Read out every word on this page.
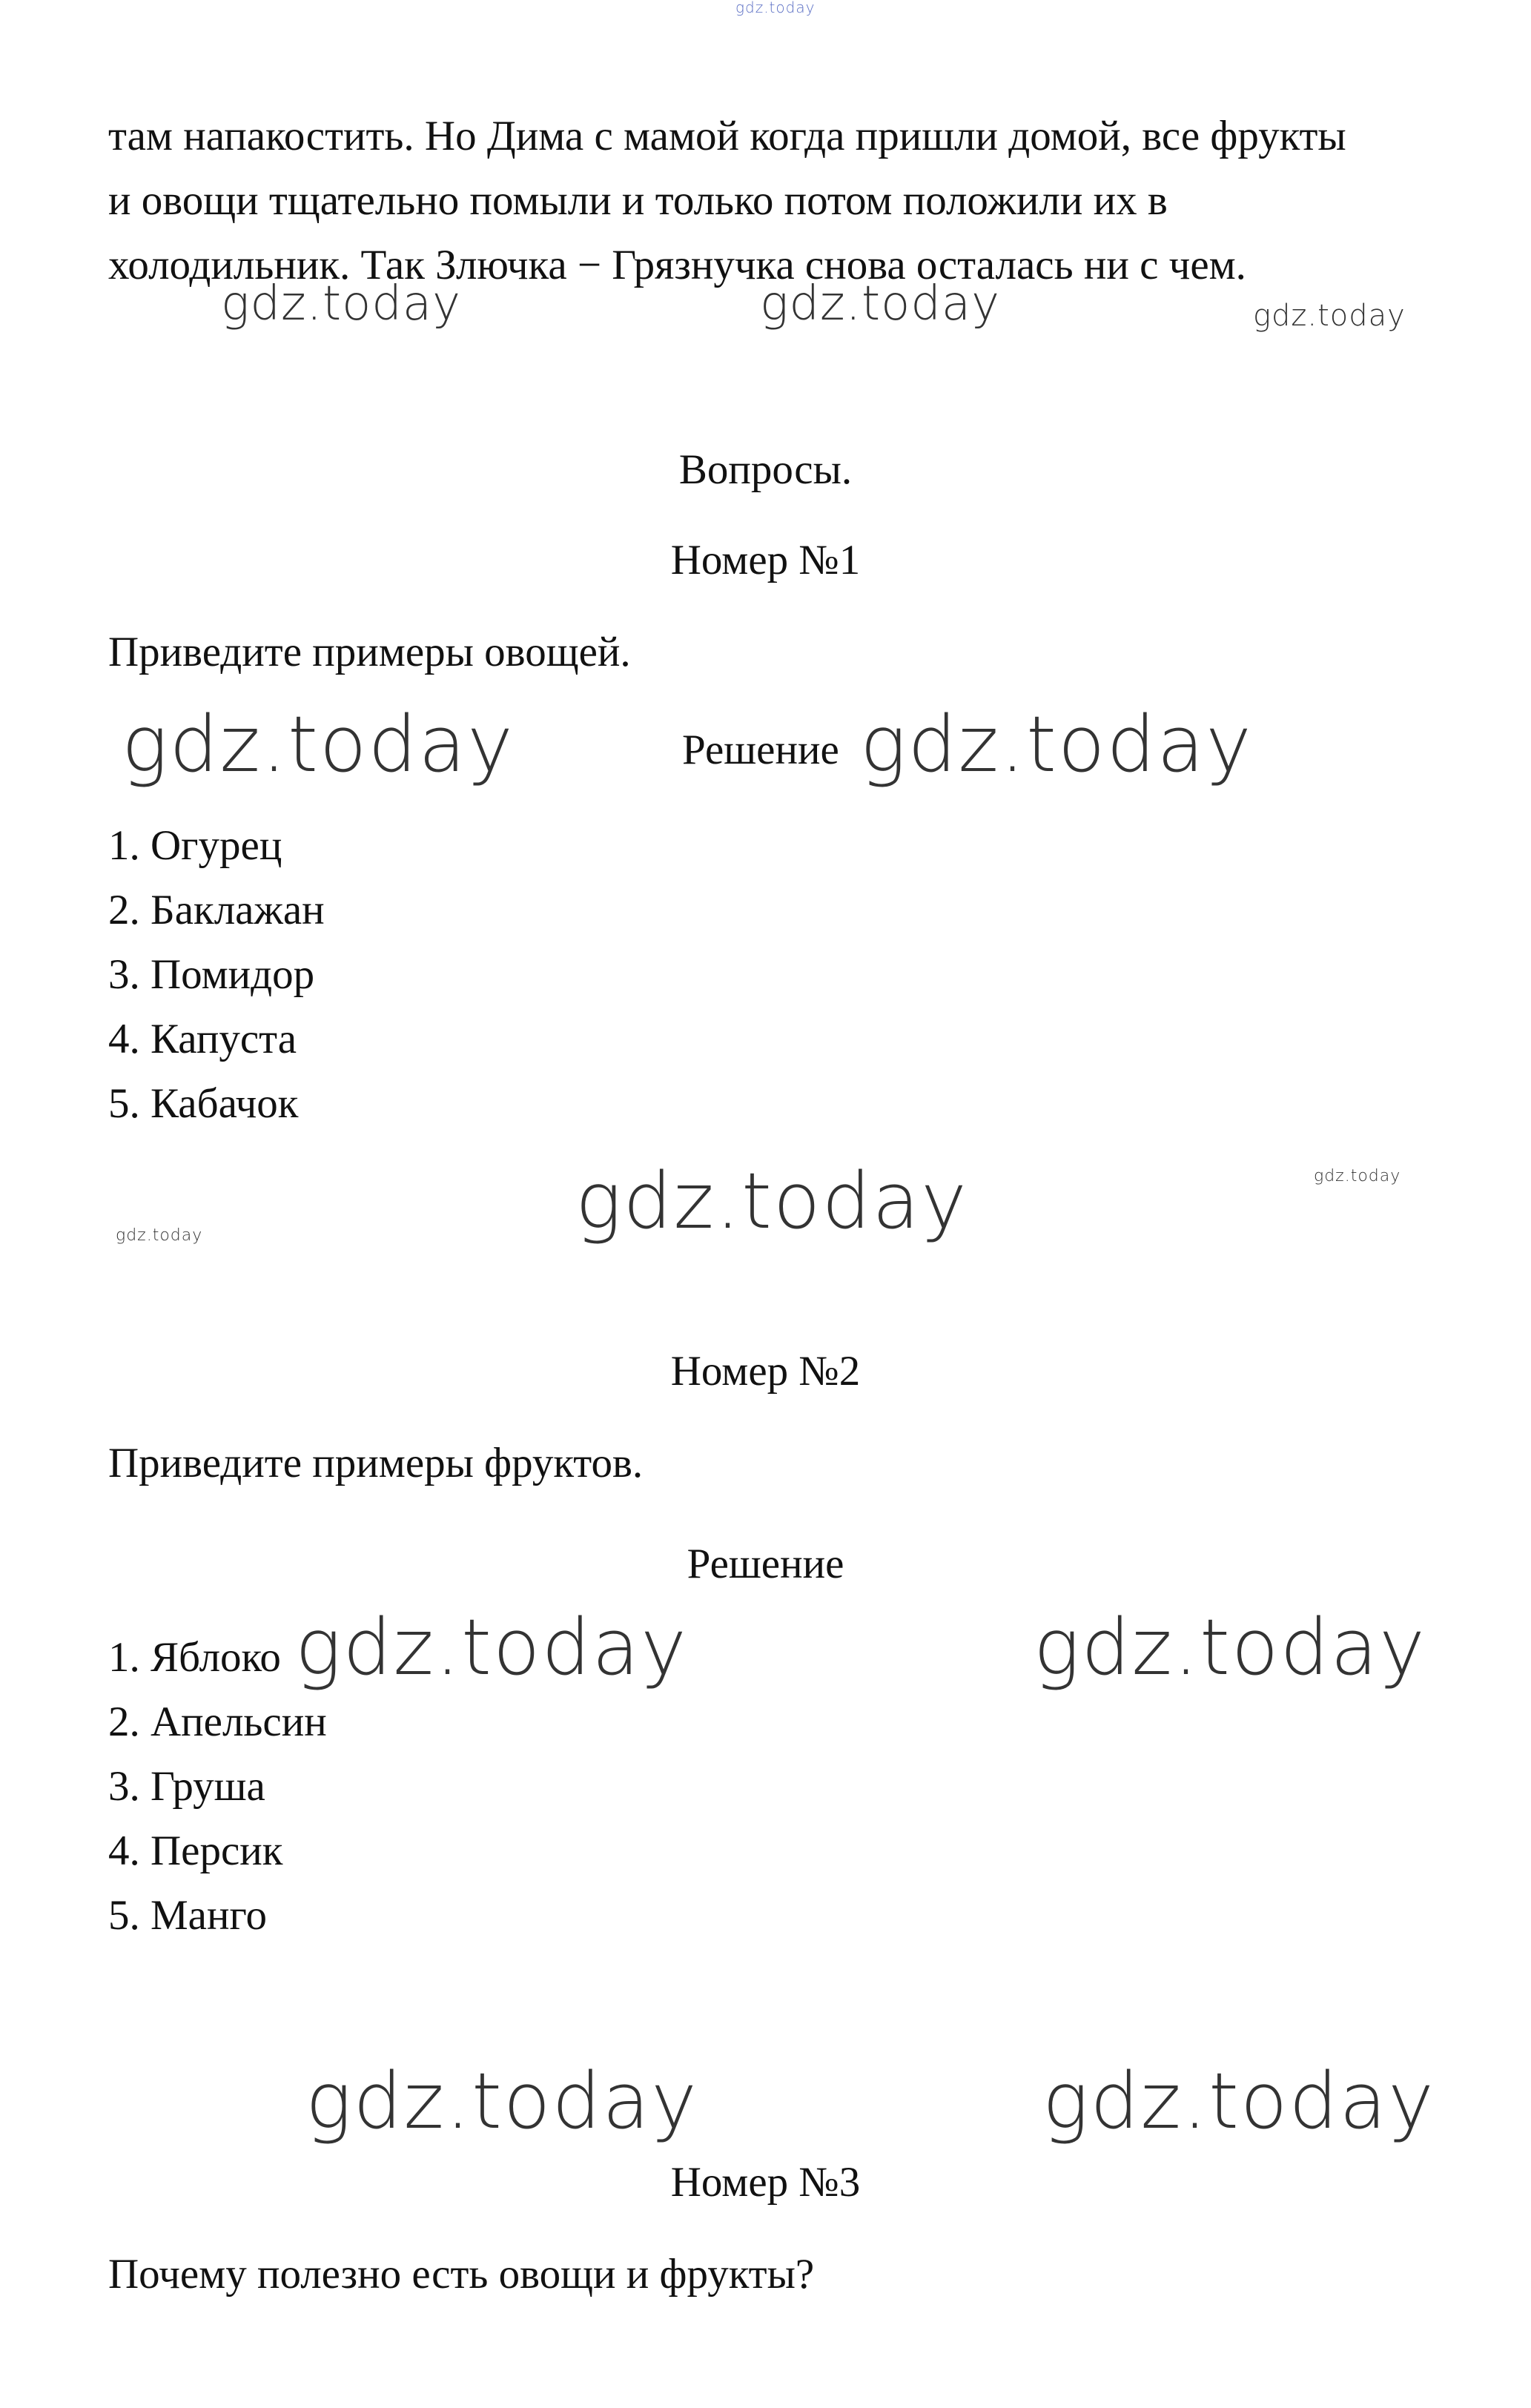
gdz.today

там напакостить. Но Дима с мамой когда пришли домой, все фрукты
и овощи тщательно помыли и только потом положили их в
холодильник. Так Злючка − Грязнучка снова осталась ни с чем.

gdz.today	gdz.today	gdz.today

Вопросы.

Номер №1

Приведите примеры овощей.

gdz.today	Решение gdz.today
1. Огурец
2. Баклажан
3. Помидор
4. Капуста
5. Кабачок
gdz.today	gdz.today
gdz.today

Номер №2

Приведите примеры фруктов.

Решение

1. Яблоко
2. Апельсин
3. Груша
4. Персик
5. Манго
gdz.today	gdz.today
gdz.today	gdz.today

Номер №3

Почему полезно есть овощи и фрукты?
